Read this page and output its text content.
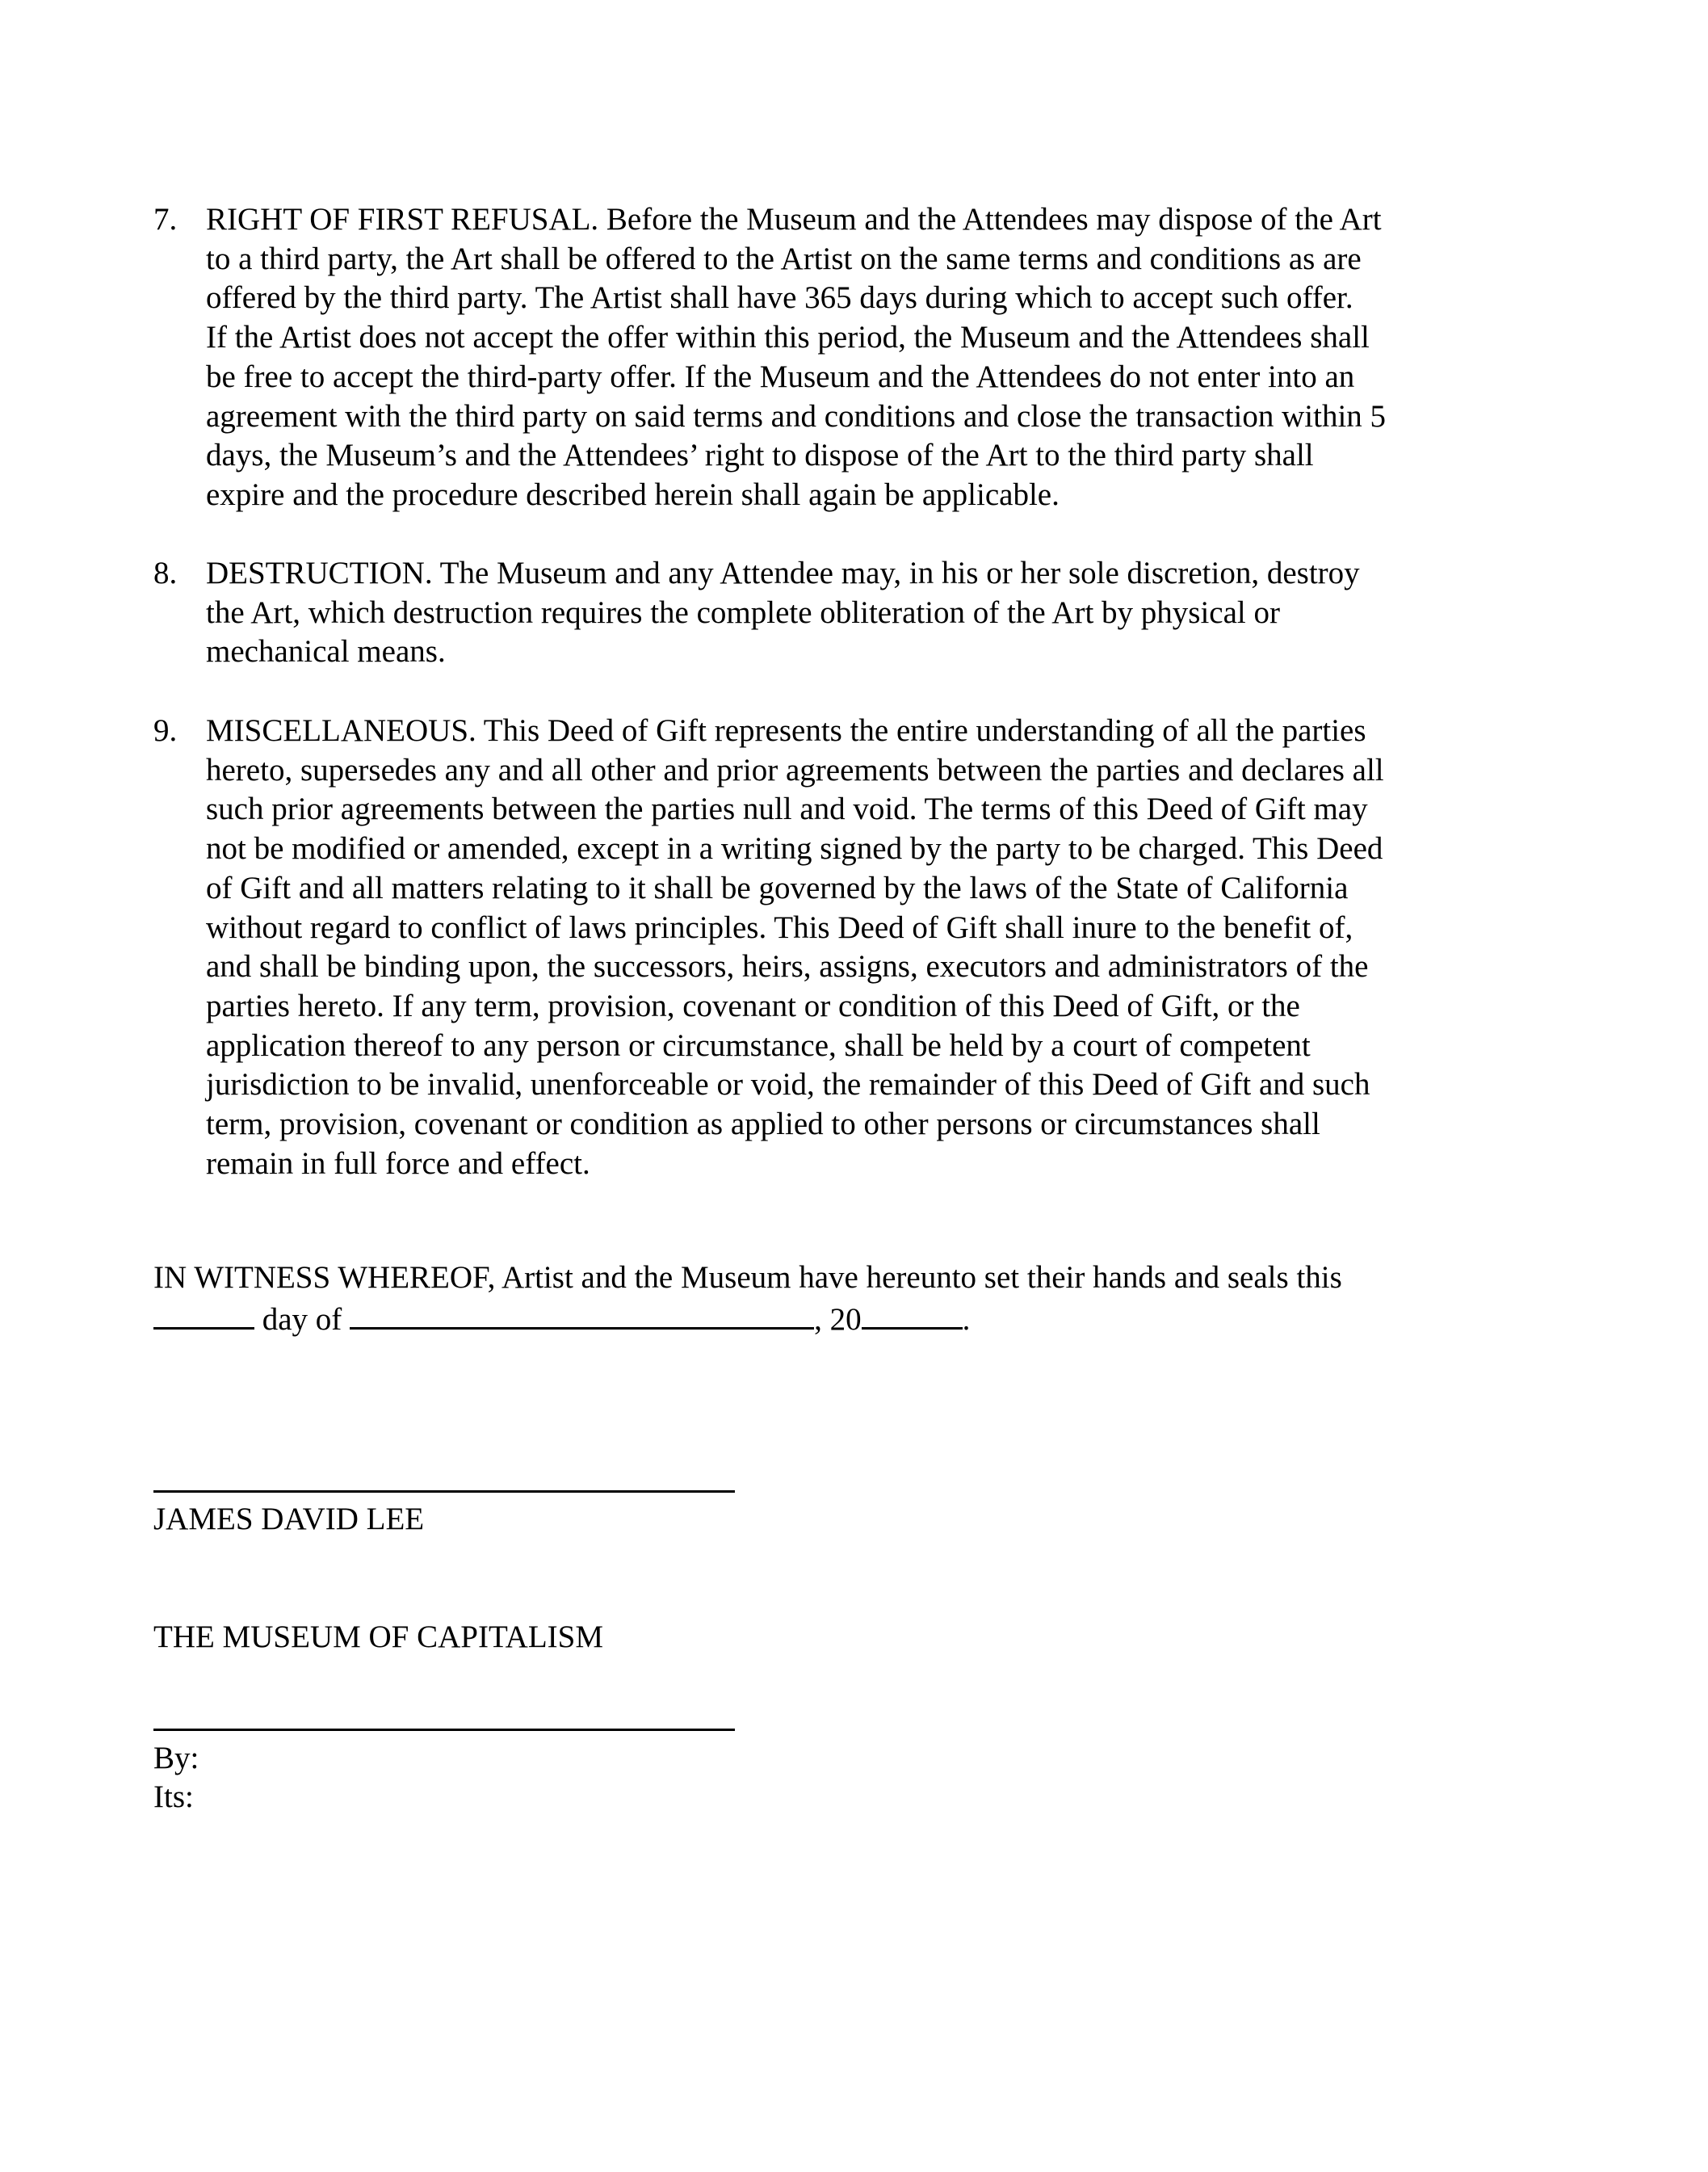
7. RIGHT OF FIRST REFUSAL. Before the Museum and the Attendees may dispose of the Art
to a third party, the Art shall be offered to the Artist on the same terms and conditions as are
offered by the third party. The Artist shall have 365 days during which to accept such offer.
If the Artist does not accept the offer within this period, the Museum and the Attendees shall
be free to accept the third-party offer. If the Museum and the Attendees do not enter into an
agreement with the third party on said terms and conditions and close the transaction within 5
days, the Museum’s and the Attendees’ right to dispose of the Art to the third party shall
expire and the procedure described herein shall again be applicable.
8. DESTRUCTION. The Museum and any Attendee may, in his or her sole discretion, destroy
the Art, which destruction requires the complete obliteration of the Art by physical or
mechanical means.
9. MISCELLANEOUS. This Deed of Gift represents the entire understanding of all the parties
hereto, supersedes any and all other and prior agreements between the parties and declares all
such prior agreements between the parties null and void. The terms of this Deed of Gift may
not be modified or amended, except in a writing signed by the party to be charged. This Deed
of Gift and all matters relating to it shall be governed by the laws of the State of California
without regard to conflict of laws principles. This Deed of Gift shall inure to the benefit of,
and shall be binding upon, the successors, heirs, assigns, executors and administrators of the
parties hereto. If any term, provision, covenant or condition of this Deed of Gift, or the
application thereof to any person or circumstance, shall be held by a court of competent
jurisdiction to be invalid, unenforceable or void, the remainder of this Deed of Gift and such
term, provision, covenant or condition as applied to other persons or circumstances shall
remain in full force and effect.
IN WITNESS WHEREOF, Artist and the Museum have hereunto set their hands and seals this
day of	, 20	.
JAMES DAVID LEE
THE MUSEUM OF CAPITALISM
By:
Its:
